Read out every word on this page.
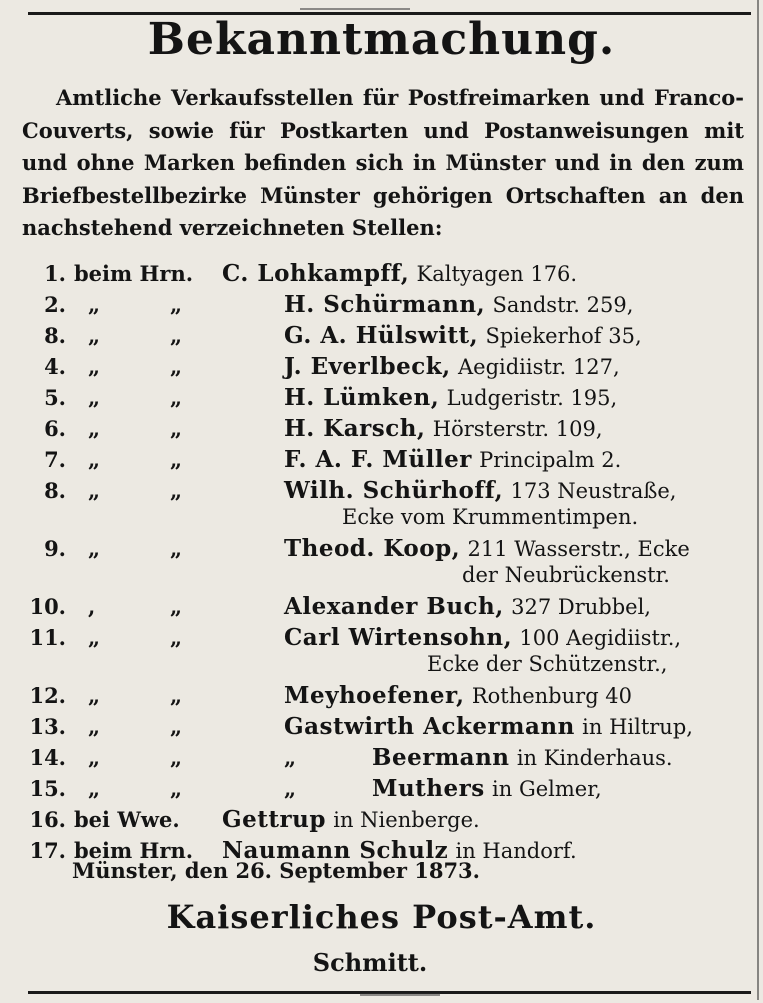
Bekanntmachung.
Amtliche Verkaufsstellen für Postfreimarken und Franco-Couverts, sowie für Postkarten und Postanweisungen mit und ohne Marken befinden sich in Münster und in den zum Briefbestellbezirke Münster gehörigen Ortschaften an den nachstehend verzeichneten Stellen:
1. beim Hrn. C. Lohkampff, Kaltyagen 176.
2. „	„	H. Schürmann, Sandstr. 259,
8. „	„	G. A. Hülswitt, Spiekerhof 35,
4. „	„	J. Everlbeck, Aegidiistr. 127,
5. „	„	H. Lümken, Ludgeristr. 195,
6. „	„	H. Karsch, Hörsterstr. 109,
7. „	„	F. A. F. Müller Principalm 2.
8. „	„	Wilh. Schürhoff, 173 Neustraße,
Ecke vom Krummentimpen.
9. „	„	Theod. Koop, 211 Wasserstr., Ecke
der Neubrückenstr.
10. ,	„	Alexander Buch, 327 Drubbel,
11. „	„	Carl Wirtensohn, 100 Aegidiistr.,
Ecke der Schützenstr.,
12. „	„	Meyhoefener, Rothenburg 40
13. „	„	Gastwirth Ackermann in Hiltrup,
14. „	„	„	Beermann in Kinderhaus.
15. „	„	„	Muthers in Gelmer,
16. bei Wwe. Gettrup in Nienberge.
17. beim Hrn. Naumann Schulz in Handorf.
Münster, den 26. September 1873.
Kaiserliches Post-Amt.
Schmitt.
